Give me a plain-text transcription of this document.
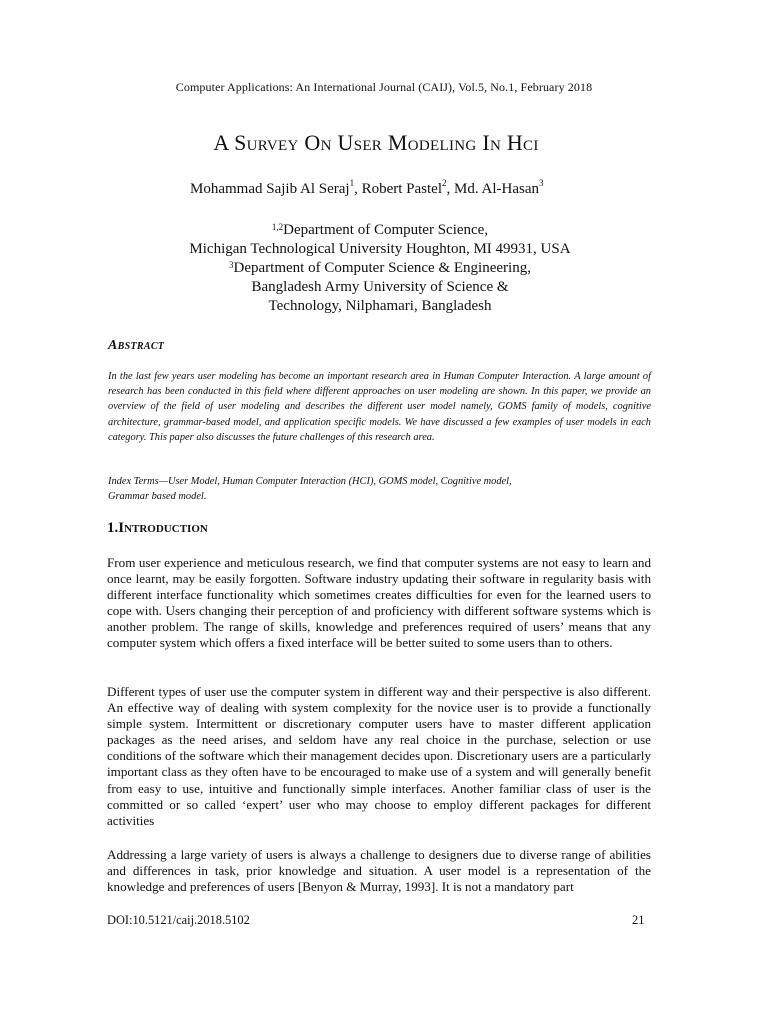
Computer Applications: An International Journal (CAIJ), Vol.5, No.1, February 2018
A Survey On User Modeling In Hci
Mohammad Sajib Al Seraj$^1$, Robert Pastel$^2$, Md. Al-Hasan$^3$
$^{1,2}$Department of Computer Science,
Michigan Technological University Houghton, MI 49931, USA
$^3$Department of Computer Science & Engineering,
Bangladesh Army University of Science &
Technology, Nilphamari, Bangladesh
Abstract
In the last few years user modeling has become an important research area in Human Computer Interaction. A large amount of research has been conducted in this field where different approaches on user modeling are shown. In this paper, we provide an overview of the field of user modeling and describes the different user model namely, GOMS family of models, cognitive architecture, grammar-based model, and application specific models. We have discussed a few examples of user models in each category. This paper also discusses the future challenges of this research area.
Index Terms—User Model, Human Computer Interaction (HCI), GOMS model, Cognitive model,
Grammar based model.
1.Introduction
From user experience and meticulous research, we find that computer systems are not easy to learn and once learnt, may be easily forgotten. Software industry updating their software in regularity basis with different interface functionality which sometimes creates difficulties for even for the learned users to cope with. Users changing their perception of and proficiency with different software systems which is another problem. The range of skills, knowledge and preferences required of users’ means that any computer system which offers a fixed interface will be better suited to some users than to others.
Different types of user use the computer system in different way and their perspective is also different. An effective way of dealing with system complexity for the novice user is to provide a functionally simple system. Intermittent or discretionary computer users have to master different application packages as the need arises, and seldom have any real choice in the purchase, selection or use conditions of the software which their management decides upon. Discretionary users are a particularly important class as they often have to be encouraged to make use of a system and will generally benefit from easy to use, intuitive and functionally simple interfaces. Another familiar class of user is the committed or so called ‘expert’ user who may choose to employ different packages for different activities
Addressing a large variety of users is always a challenge to designers due to diverse range of abilities and differences in task, prior knowledge and situation. A user model is a representation of the knowledge and preferences of users [Benyon & Murray, 1993]. It is not a mandatory part
DOI:10.5121/caij.2018.5102	21
